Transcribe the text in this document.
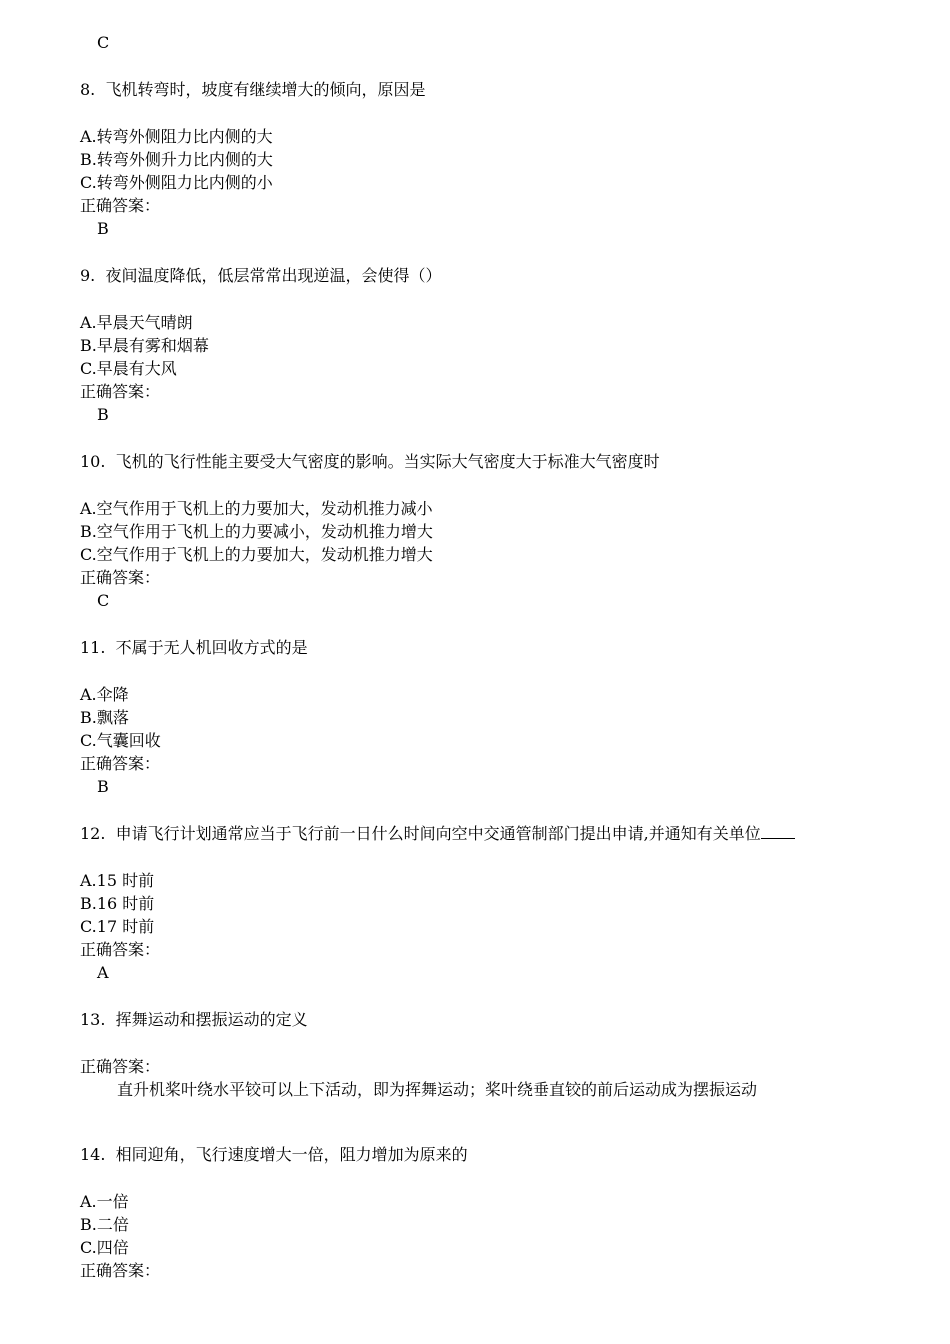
C
8. 飞机转弯时，坡度有继续增大的倾向，原因是
A.转弯外侧阻力比内侧的大
B.转弯外侧升力比内侧的大
C.转弯外侧阻力比内侧的小
正确答案：
B
9. 夜间温度降低，低层常常出现逆温，会使得（）
A.早晨天气晴朗
B.早晨有雾和烟幕
C.早晨有大风
正确答案：
B
10. 飞机的飞行性能主要受大气密度的影响。当实际大气密度大于标准大气密度时
A.空气作用于飞机上的力要加大，发动机推力减小
B.空气作用于飞机上的力要减小，发动机推力增大
C.空气作用于飞机上的力要加大，发动机推力增大
正确答案：
C
11. 不属于无人机回收方式的是
A.伞降
B.飘落
C.气囊回收
正确答案：
B
12. 申请飞行计划通常应当于飞行前一日什么时间向空中交通管制部门提出申请,并通知有关单位
A.15 时前
B.16 时前
C.17 时前
正确答案：
A
13. 挥舞运动和摆振运动的定义
正确答案：
直升机桨叶绕水平铰可以上下活动，即为挥舞运动；桨叶绕垂直铰的前后运动成为摆振运动
14. 相同迎角，飞行速度增大一倍，阻力增加为原来的
A.一倍
B.二倍
C.四倍
正确答案：
